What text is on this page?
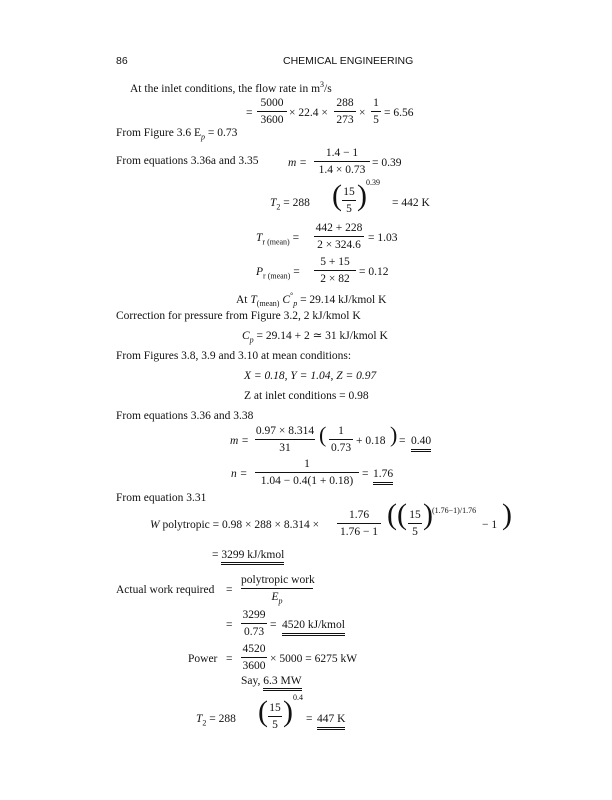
86	CHEMICAL ENGINEERING
At the inlet conditions, the flow rate in $m^3/s$
=
5000
3600
× 22.4 ×
288
273
×
1
5
= 6.56
From Figure 3.6 $E_p = 0.73$
From equations 3.36a and 3.35	m =
1.4 − 1
1.4 × 0.73
= 0.39
$T_2 = 288$ ( 15
5 ) 0.39
= 442 K
$T_{r (mean)}$ =
442 + 228
2 × 324.6
= 1.03
$P_{r (mean)}$ =
5 + 15
2 × 82
= 0.12
At $T_{(mean)}$ $C^\circ_p = 29.14$ kJ/kmol K
Correction for pressure from Figure 3.2, 2 kJ/kmol K
$C_p = 29.14 + 2$ ≃ 31 kJ/kmol K
From Figures 3.8, 3.9 and 3.10 at mean conditions:
X = 0.18, Y = 1.04, Z = 0.97
Z at inlet conditions = 0.98
From equations 3.36 and 3.38
m =
0.97 × 8.314
31
(	1
0.73
+ 0.18 ) = 0.40
n =
1
1.04 − 0.4(1 + 0.18)
= 1.76
From equation 3.31
W polytropic = 0.98 × 288 × 8.314 ×
1.76
1.76 − 1
( ( 15
5
) (1.76−1)/1.76
− 1 )
= 3299 kJ/kmol
Actual work required =
polytropic work
$E_p$
=
3299
0.73
= 4520 kJ/kmol
Power =
4520
3600
× 5000 = 6275 kW
Say, 6.3 MW
$T_2 = 288$ ( 15
5 ) 0.4
= 447 K
